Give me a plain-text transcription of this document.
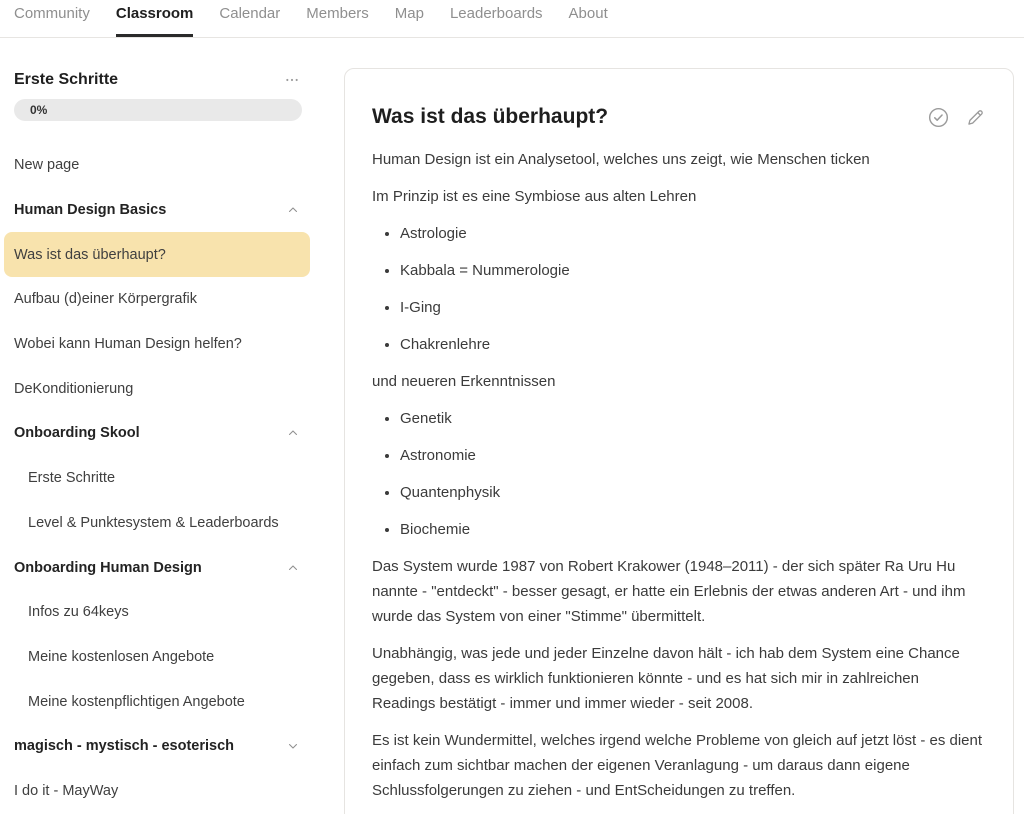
Community Classroom Calendar Members Map Leaderboards About
Erste Schritte
0%
New page
Human Design Basics
Was ist das überhaupt?
Aufbau (d)einer Körpergrafik
Wobei kann Human Design helfen?
DeKonditionierung
Onboarding Skool
Erste Schritte
Level & Punktesystem & Leaderboards
Onboarding Human Design
Infos zu 64keys
Meine kostenlosen Angebote
Meine kostenpflichtigen Angebote
magisch - mystisch - esoterisch
I do it - MayWay
Was ist das überhaupt?

Human Design ist ein Analysetool, welches uns zeigt, wie Menschen ticken

Im Prinzip ist es eine Symbiose aus alten Lehren

• Astrologie
• Kabbala = Nummerologie
• I-Ging
• Chakrenlehre

und neueren Erkenntnissen

• Genetik
• Astronomie
• Quantenphysik
• Biochemie

Das System wurde 1987 von Robert Krakower (1948–2011) - der sich später Ra Uru Hu nannte - "entdeckt" - besser gesagt, er hatte ein Erlebnis der etwas anderen Art - und ihm wurde das System von einer "Stimme" übermittelt.

Unabhängig, was jede und jeder Einzelne davon hält - ich hab dem System eine Chance gegeben, dass es wirklich funktionieren könnte - und es hat sich mir in zahlreichen Readings bestätigt - immer und immer wieder - seit 2008.

Es ist kein Wundermittel, welches irgend welche Probleme von gleich auf jetzt löst - es dient einfach zum sichtbar machen der eigenen Veranlagung - um daraus dann eigene Schlussfolgerungen zu ziehen - und EntScheidungen zu treffen.
